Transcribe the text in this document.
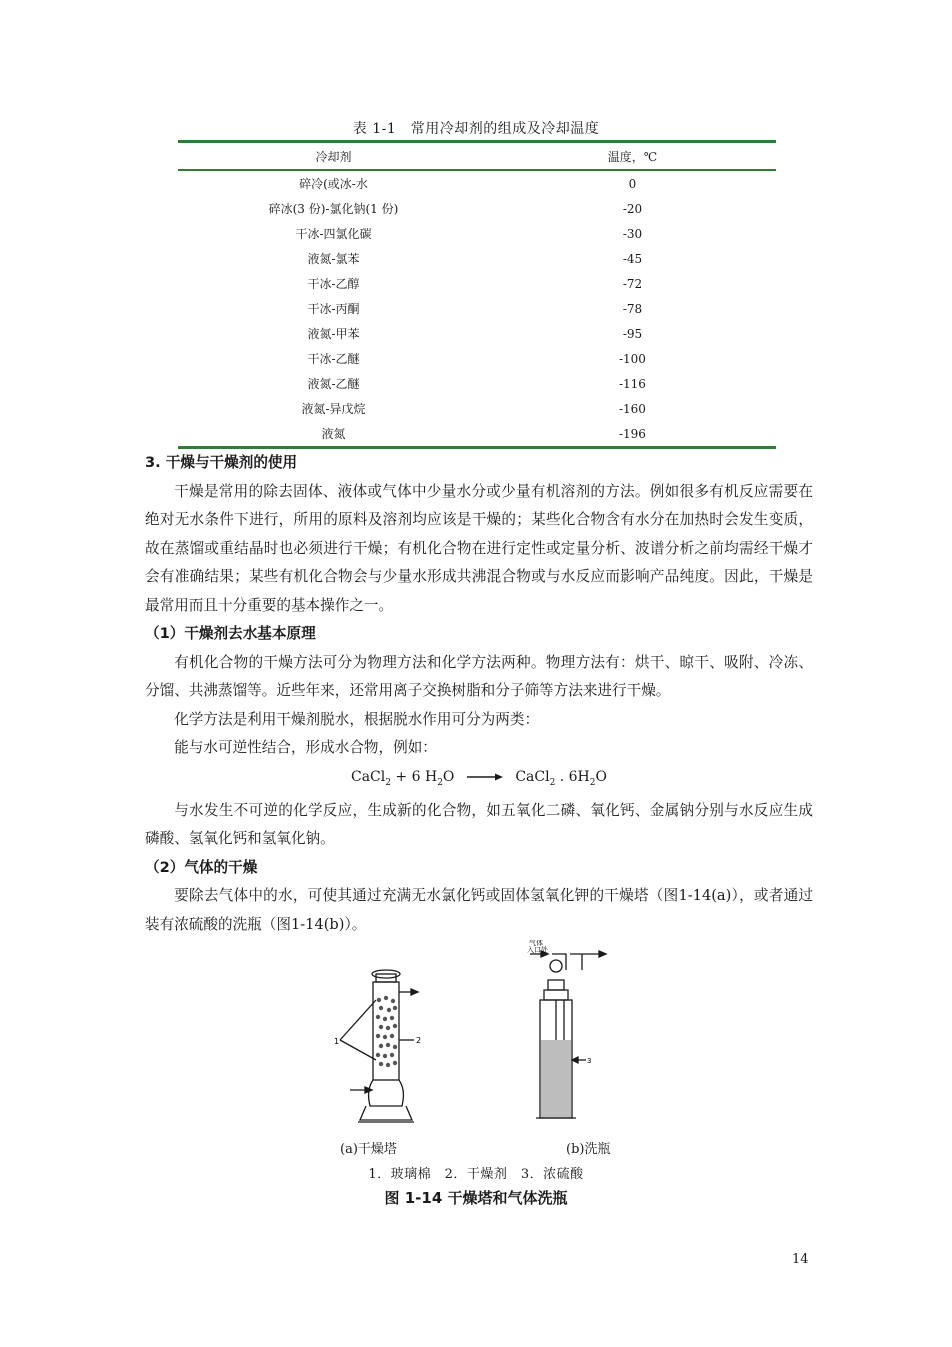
表 1-1　常用冷却剂的组成及冷却温度
冷却剂	温度，℃
碎冷(或冰-水	0
碎冰(3 份)-氯化钠(1 份)	-20
干冰-四氯化碳	-30
液氮-氯苯	-45
干冰-乙醇	-72
干冰-丙酮	-78
液氮-甲苯	-95
干冰-乙醚	-100
液氮-乙醚	-116
液氮-异戊烷	-160
液氮	-196

3. 干燥与干燥剂的使用

干燥是常用的除去固体、液体或气体中少量水分或少量有机溶剂的方法。例如很多有机反应需要在绝对无水条件下进行，所用的原料及溶剂均应该是干燥的；某些化合物含有水分在加热时会发生变质，故在蒸馏或重结晶时也必须进行干燥；有机化合物在进行定性或定量分析、波谱分析之前均需经干燥才会有准确结果；某些有机化合物会与少量水形成共沸混合物或与水反应而影响产品纯度。因此，干燥是最常用而且十分重要的基本操作之一。

（1）干燥剂去水基本原理

有机化合物的干燥方法可分为物理方法和化学方法两种。物理方法有：烘干、晾干、吸附、冷冻、分馏、共沸蒸馏等。近些年来，还常用离子交换树脂和分子筛等方法来进行干燥。

化学方法是利用干燥剂脱水，根据脱水作用可分为两类：

能与水可逆性结合，形成水合物，例如：

CaCl$_2$ + 6 $H_2O$ → CaCl$_2$ . $6H_2O$

与水发生不可逆的化学反应，生成新的化合物，如五氧化二磷、氧化钙、金属钠分别与水反应生成磷酸、氢氧化钙和氢氧化钠。

（2）气体的干燥

要除去气体中的水，可使其通过充满无水氯化钙或固体氢氧化钾的干燥塔（图1-14(a)），或者通过装有浓硫酸的洗瓶（图1-14(b)）。

1	2
气体
入口处
3
(a)干燥塔	(b)洗瓶
1．玻璃棉　2．干燥剂　3．浓硫酸
图 1-14 干燥塔和气体洗瓶
14
